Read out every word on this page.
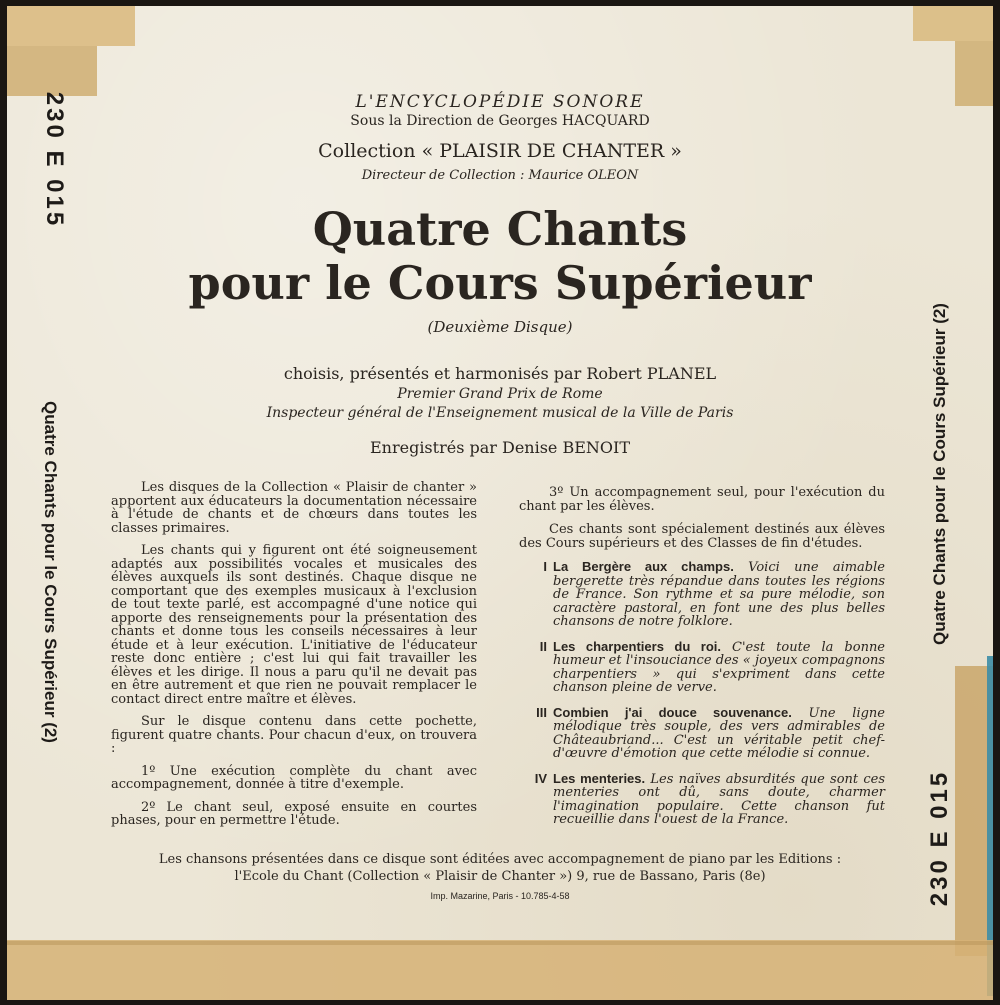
230 E 015
Quatre Chants pour le Cours Supérieur (2)	Quatre Chants pour le Cours Supérieur (2)
230 E 015
L'ENCYCLOPÉDIE SONORE
Sous la Direction de Georges HACQUARD
Collection « PLAISIR DE CHANTER »
Directeur de Collection : Maurice OLEON
Quatre Chants
pour le Cours Supérieur
(Deuxième Disque)
choisis, présentés et harmonisés par Robert PLANEL
Premier Grand Prix de Rome
Inspecteur général de l'Enseignement musical de la Ville de Paris
Enregistrés par Denise BENOIT

Les disques de la Collection « Plaisir de chanter » apportent aux éducateurs la documentation nécessaire à l'étude de chants et de chœurs dans toutes les classes primaires.

Les chants qui y figurent ont été soigneusement adaptés aux possibilités vocales et musicales des élèves auxquels ils sont destinés. Chaque disque ne comportant que des exemples musicaux à l'exclusion de tout texte parlé, est accompagné d'une notice qui apporte des renseignements pour la présentation des chants et donne tous les conseils nécessaires à leur étude et à leur exécution. L'initiative de l'éducateur reste donc entière ; c'est lui qui fait travailler les élèves et les dirige. Il nous a paru qu'il ne devait pas en être autrement et que rien ne pouvait remplacer le contact direct entre maître et élèves.

Sur le disque contenu dans cette pochette, figurent quatre chants. Pour chacun d'eux, on trouvera :

1º Une exécution complète du chant avec accompagnement, donnée à titre d'exemple.

2º Le chant seul, exposé ensuite en courtes phases, pour en permettre l'étude.

3º Un accompagnement seul, pour l'exécution du chant par les élèves.

Ces chants sont spécialement destinés aux élèves des Cours supérieurs et des Classes de fin d'études.

I La Bergère aux champs. Voici une aimable bergerette très répandue dans toutes les régions de France. Son rythme et sa pure mélodie, son caractère pastoral, en font une des plus belles chansons de notre folklore.
II Les charpentiers du roi. C'est toute la bonne humeur et l'insouciance des « joyeux compagnons charpentiers » qui s'expriment dans cette chanson pleine de verve.
III Combien j'ai douce souvenance. Une ligne mélodique très souple, des vers admirables de Châteaubriand... C'est un véritable petit chef-d'œuvre d'émotion que cette mélodie si connue.
IV Les menteries. Les naïves absurdités que sont ces menteries ont dû, sans doute, charmer l'imagination populaire. Cette chanson fut recueillie dans l'ouest de la France.
Les chansons présentées dans ce disque sont éditées avec accompagnement de piano par les Editions :
l'Ecole du Chant (Collection « Plaisir de Chanter ») 9, rue de Bassano, Paris (8e)
Imp. Mazarine, Paris - 10.785-4-58
